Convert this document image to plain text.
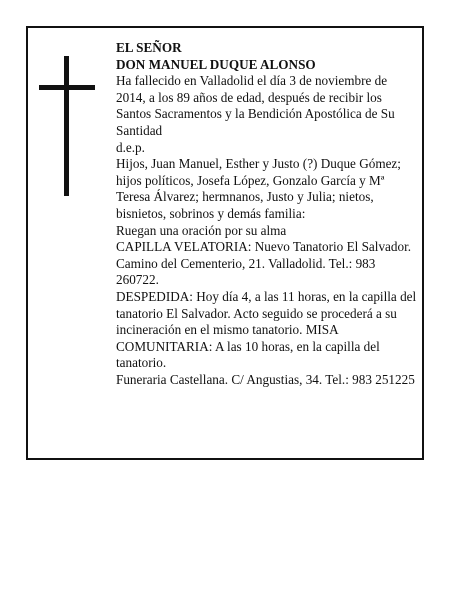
EL SEÑOR

DON MANUEL DUQUE ALONSO

Ha fallecido en Valladolid el día 3 de noviembre de 2014, a los 89 años de edad, después de recibir los Santos Sacramentos y la Bendición Apostólica de Su Santidad

d.e.p.

Hijos, Juan Manuel, Esther y Justo (?) Duque Gómez; hijos políticos, Josefa López, Gonzalo García y Mª Teresa Álvarez; hermnanos, Justo y Julia; nietos, bisnietos, sobrinos y demás familia:

Ruegan una oración por su alma

CAPILLA VELATORIA: Nuevo Tanatorio El Salvador. Camino del Cementerio, 21. Valladolid. Tel.: 983 260722.

DESPEDIDA: Hoy día 4, a las 11 horas, en la capilla del tanatorio El Salvador. Acto seguido se procederá a su incineración en el mismo tanatorio. MISA COMUNITARIA: A las 10 horas, en la capilla del tanatorio.

Funeraria Castellana. C/ Angustias, 34. Tel.: 983 251225
